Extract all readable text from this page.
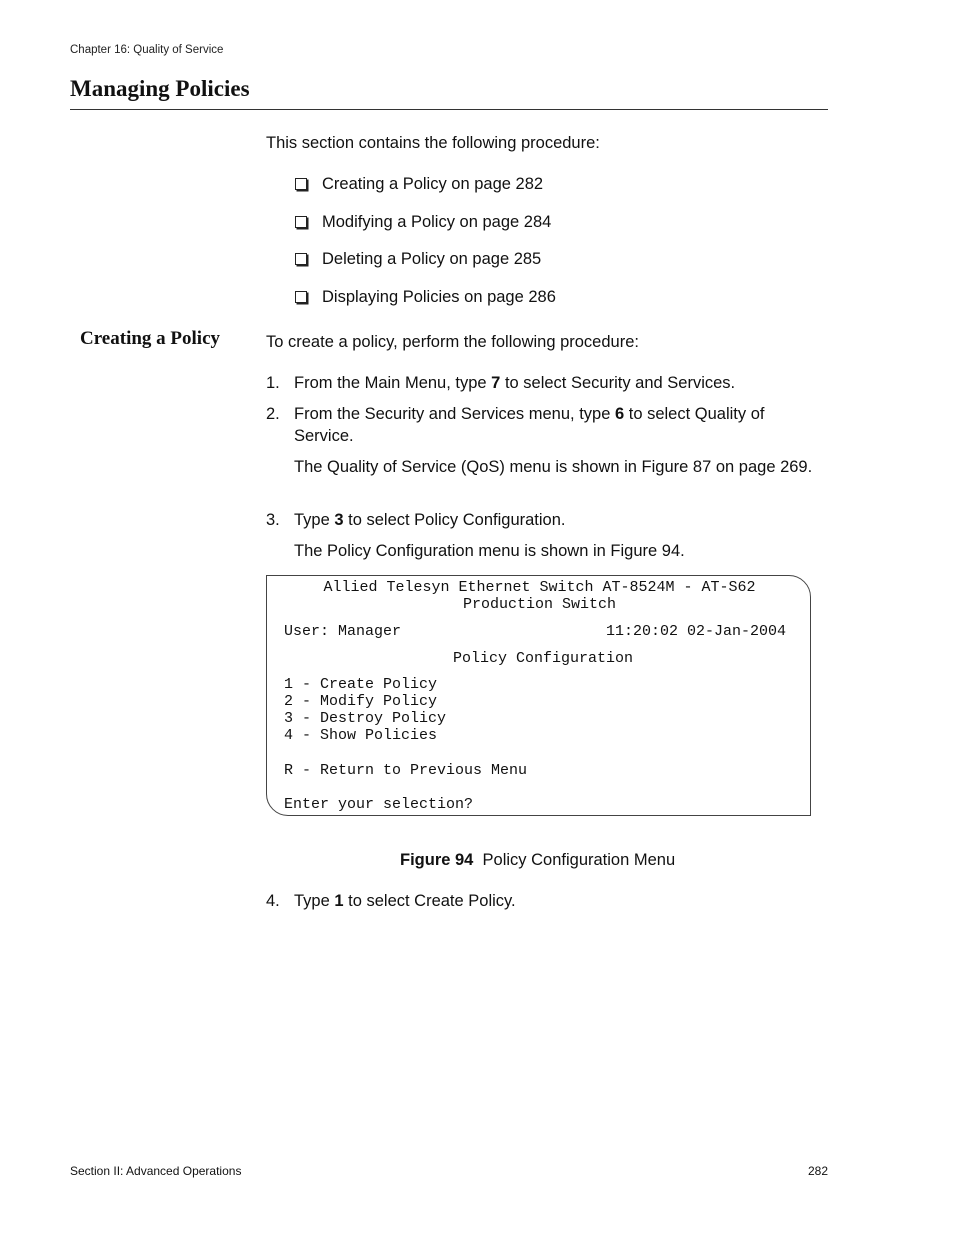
Chapter 16: Quality of Service
Managing Policies
This section contains the following procedure:
Creating a Policy on page 282
Modifying a Policy on page 284
Deleting a Policy on page 285
Displaying Policies on page 286
Creating a Policy	To create a policy, perform the following procedure:
1. From the Main Menu, type 7 to select Security and Services.
2. From the Security and Services menu, type 6 to select Quality of Service.
The Quality of Service (QoS) menu is shown in Figure 87 on page 269.
3. Type 3 to select Policy Configuration.
The Policy Configuration menu is shown in Figure 94.
Allied Telesyn Ethernet Switch AT-8524M - AT-S62
Production Switch
User: Manager	11:20:02 02-Jan-2004
Policy Configuration
1 - Create Policy
2 - Modify Policy
3 - Destroy Policy
4 - Show Policies
R - Return to Previous Menu
Enter your selection?
Figure 94 Policy Configuration Menu
4. Type 1 to select Create Policy.
Section II: Advanced Operations	282
